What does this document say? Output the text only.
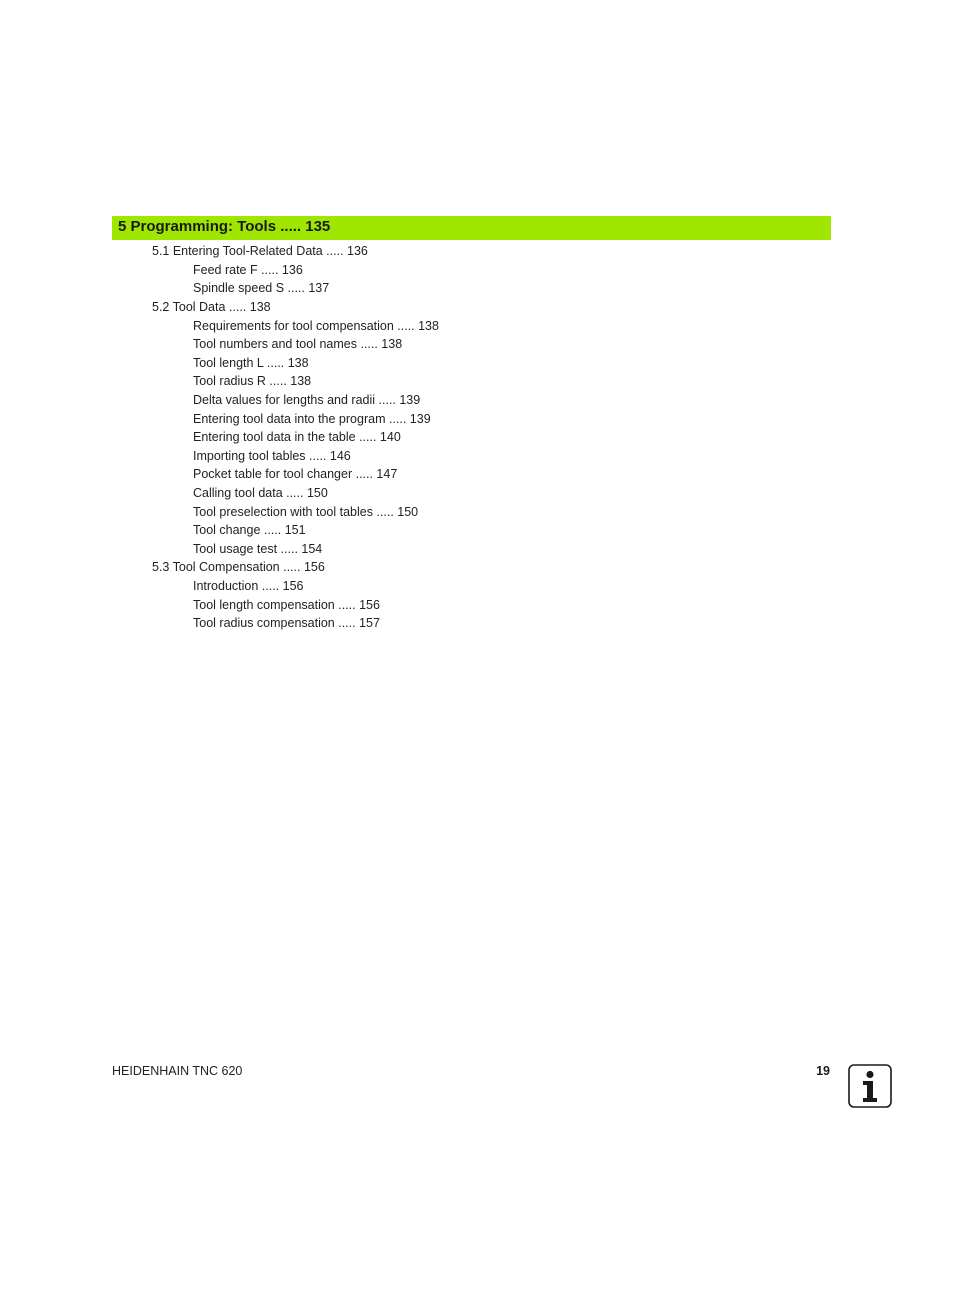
5 Programming: Tools ..... 135
5.1 Entering Tool-Related Data ..... 136
Feed rate F ..... 136
Spindle speed S ..... 137
5.2 Tool Data ..... 138
Requirements for tool compensation ..... 138
Tool numbers and tool names ..... 138
Tool length L ..... 138
Tool radius R ..... 138
Delta values for lengths and radii ..... 139
Entering tool data into the program ..... 139
Entering tool data in the table ..... 140
Importing tool tables ..... 146
Pocket table for tool changer ..... 147
Calling tool data ..... 150
Tool preselection with tool tables ..... 150
Tool change ..... 151
Tool usage test ..... 154
5.3 Tool Compensation ..... 156
Introduction ..... 156
Tool length compensation ..... 156
Tool radius compensation ..... 157
HEIDENHAIN TNC 620	19
